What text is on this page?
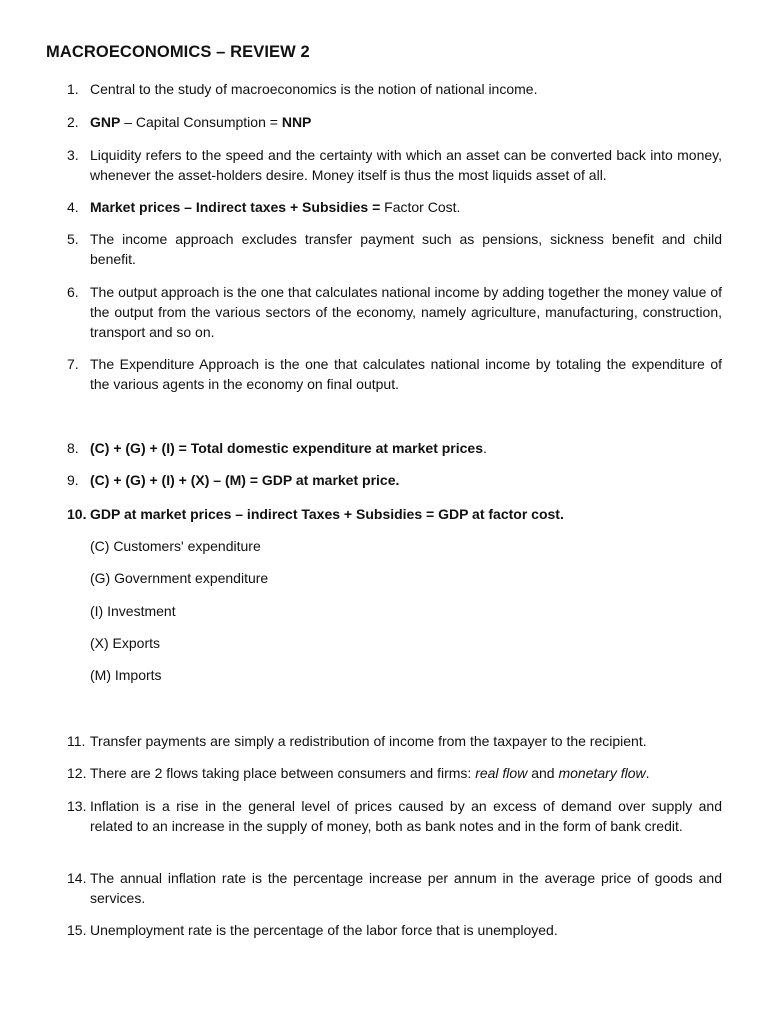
MACROECONOMICS – REVIEW 2
1. Central to the study of macroeconomics is the notion of national income.
2. GNP – Capital Consumption = NNP
3. Liquidity refers to the speed and the certainty with which an asset can be converted back into money, whenever the asset-holders desire. Money itself is thus the most liquids asset of all.
4. Market prices – Indirect taxes + Subsidies = Factor Cost.
5. The income approach excludes transfer payment such as pensions, sickness benefit and child benefit.
6. The output approach is the one that calculates national income by adding together the money value of the output from the various sectors of the economy, namely agriculture, manufacturing, construction, transport and so on.
7. The Expenditure Approach is the one that calculates national income by totaling the expenditure of the various agents in the economy on final output.
8. (C) + (G) + (I) = Total domestic expenditure at market prices.
9. (C) + (G) + (I) + (X) – (M) = GDP at market price.
10. GDP at market prices – indirect Taxes + Subsidies = GDP at factor cost.
(C) Customers' expenditure
(G) Government expenditure
(I) Investment
(X) Exports
(M) Imports
11. Transfer payments are simply a redistribution of income from the taxpayer to the recipient.
12. There are 2 flows taking place between consumers and firms: real flow and monetary flow.
13. Inflation is a rise in the general level of prices caused by an excess of demand over supply and related to an increase in the supply of money, both as bank notes and in the form of bank credit.
14. The annual inflation rate is the percentage increase per annum in the average price of goods and services.
15. Unemployment rate is the percentage of the labor force that is unemployed.
